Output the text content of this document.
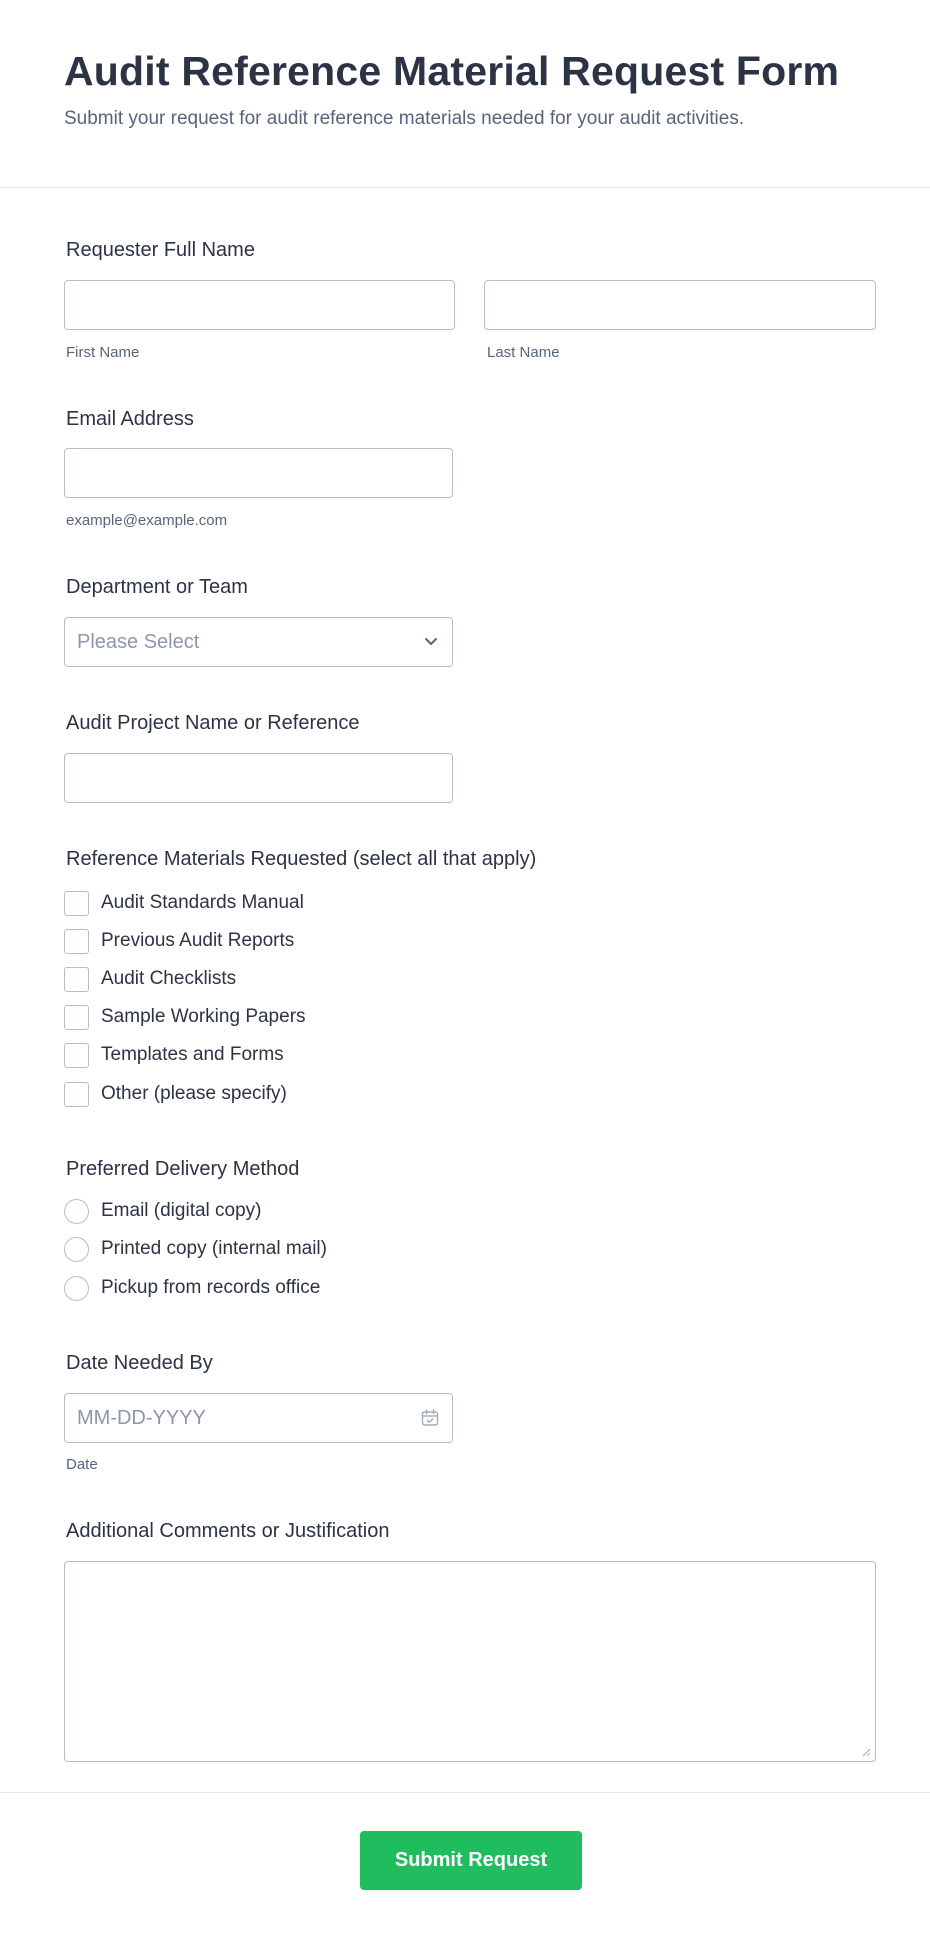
Audit Reference Material Request Form
Submit your request for audit reference materials needed for your audit activities.
Requester Full Name
First Name	Last Name
Email Address
example@example.com
Department or Team
Please Select
Audit Project Name or Reference
Reference Materials Requested (select all that apply)
Audit Standards Manual
Previous Audit Reports
Audit Checklists
Sample Working Papers
Templates and Forms
Other (please specify)
Preferred Delivery Method
Email (digital copy)
Printed copy (internal mail)
Pickup from records office
Date Needed By
MM-DD-YYYY
Date
Additional Comments or Justification
Submit Request
